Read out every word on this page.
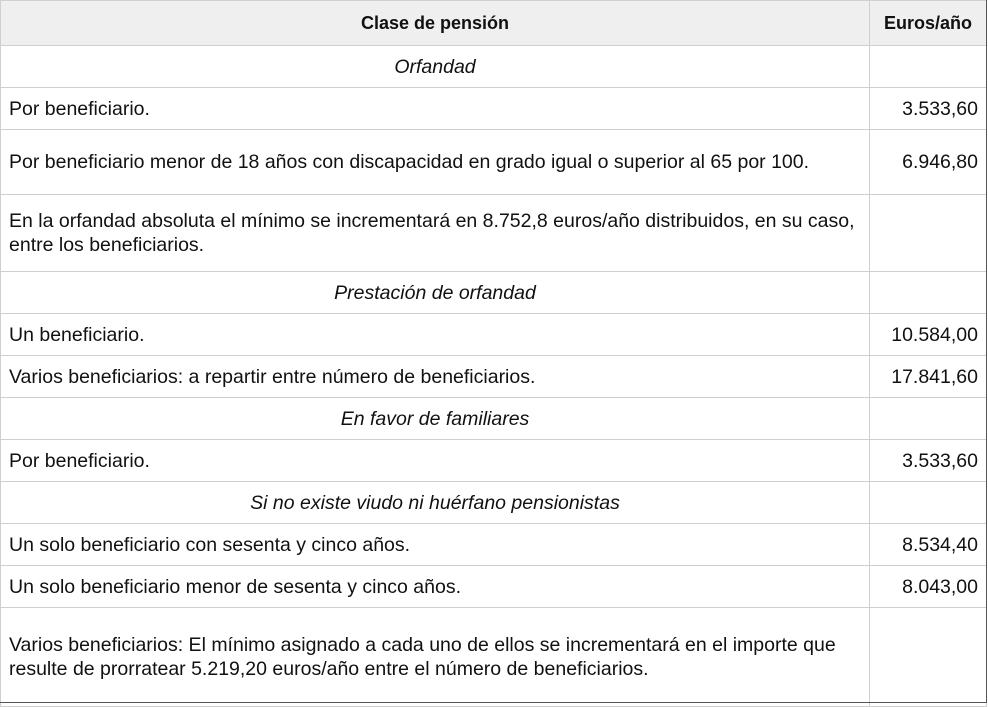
Clase de pensión	Euros/año
Orfandad	
Por beneficiario.	3.533,60
Por beneficiario menor de 18 años con discapacidad en grado igual o superior al 65 por 100.	6.946,80
En la orfandad absoluta el mínimo se incrementará en 8.752,8 euros/año distribuidos, en su caso, entre los beneficiarios.	
Prestación de orfandad	
Un beneficiario.	10.584,00
Varios beneficiarios: a repartir entre número de beneficiarios.	17.841,60
En favor de familiares	
Por beneficiario.	3.533,60
Si no existe viudo ni huérfano pensionistas	
Un solo beneficiario con sesenta y cinco años.	8.534,40
Un solo beneficiario menor de sesenta y cinco años.	8.043,00
Varios beneficiarios: El mínimo asignado a cada uno de ellos se incrementará en el importe que resulte de prorratear 5.219,20 euros/año entre el número de beneficiarios.	
